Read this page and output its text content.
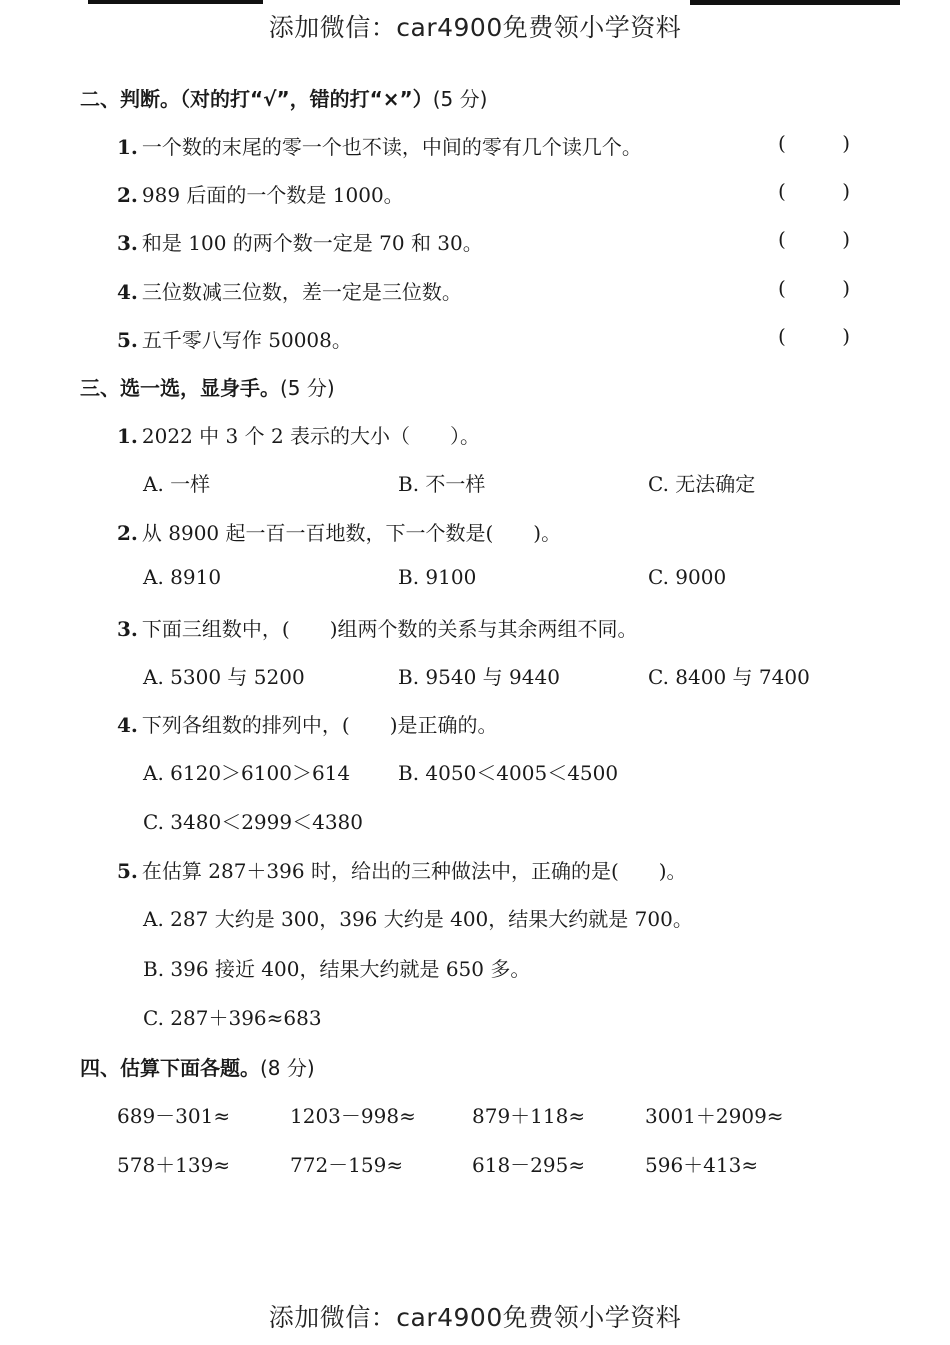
添加微信：car4900免费领小学资料
二、判断。（对的打“√”，错的打“×”）(5 分)
1. 一个数的末尾的零一个也不读，中间的零有几个读几个。	(	)
2. 989 后面的一个数是 1000。	(	)
3. 和是 100 的两个数一定是 70 和 30。	(	)
4. 三位数减三位数，差一定是三位数。	(	)
5. 五千零八写作 50008。	(	)
三、选一选，显身手。(5 分)
1. 2022 中 3 个 2 表示的大小（　　）。
A. 一样	B. 不一样	C. 无法确定
2. 从 8900 起一百一百地数，下一个数是(　　)。
A. 8910	B. 9100	C. 9000
3. 下面三组数中，(　　)组两个数的关系与其余两组不同。
A. 5300 与 5200	B. 9540 与 9440	C. 8400 与 7400
4. 下列各组数的排列中，(　　)是正确的。
A. 6120＞6100＞614 B. 4050＜4005＜4500
C. 3480＜2999＜4380
5. 在估算 287＋396 时，给出的三种做法中，正确的是(　　)。
A. 287 大约是 300，396 大约是 400，结果大约就是 700。
B. 396 接近 400，结果大约就是 650 多。
C. 287＋396≈683
四、估算下面各题。(8 分)
689－301≈	1203－998≈	879＋118≈	3001＋2909≈
578＋139≈	772－159≈	618－295≈	596＋413≈
添加微信：car4900免费领小学资料
